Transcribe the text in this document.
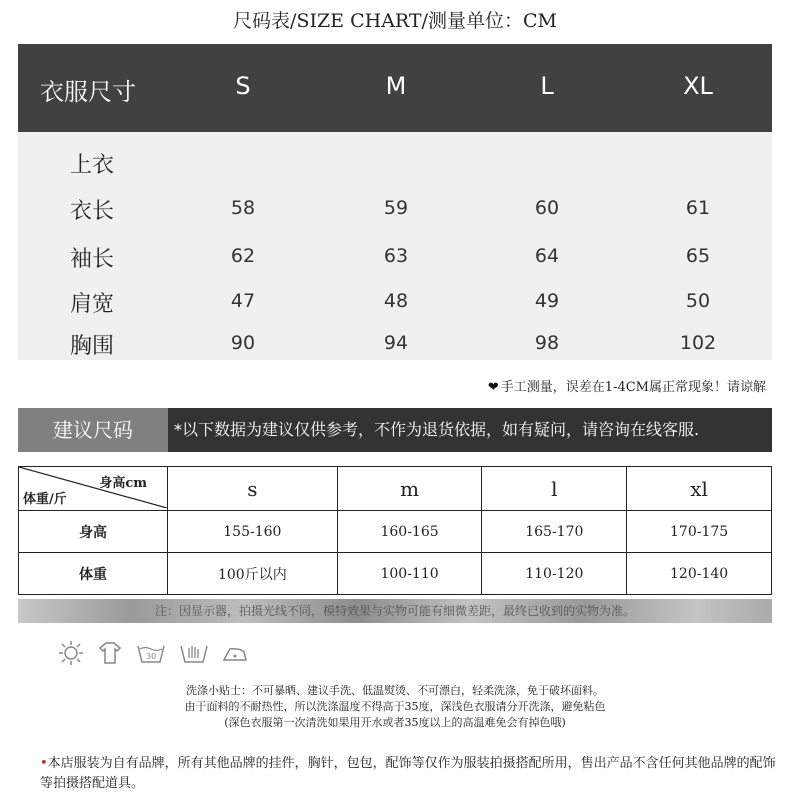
尺码表/SIZE CHART/测量单位：CM
衣服尺寸	S	M	L	XL
上衣
衣长	58	59	60	61
袖长	62	63	64	65
肩宽	47	48	49	50
胸围	90	94	98	102
❤ 手工测量，误差在1-4CM属正常现象！请谅解
建议尺码	*以下数据为建议仅供参考，不作为退货依据，如有疑问，请咨询在线客服.
身高cm
体重/斤	s	m	l	xl
身高	155-160	160-165	165-170	170-175
体重	100斤以内	100-110	110-120	120-140
注：因显示器，拍摄光线不同，模特效果与实物可能有细微差距，最终已收到的实物为准。

30

洗涤小贴士：不可暴晒、建议手洗、低温熨烫、不可漂白，轻柔洗涤，免于破坏面料。
由于面料的不耐热性，所以洗涤温度不得高于35度，深浅色衣服请分开洗涤，避免粘色
(深色衣服第一次清洗如果用开水或者35度以上的高温难免会有掉色哦)
•本店服装为自有品牌，所有其他品牌的挂件，胸针，包包，配饰等仅作为服装拍摄搭配所用，售出产品不含任何其他品牌的配饰等拍摄搭配道具。
